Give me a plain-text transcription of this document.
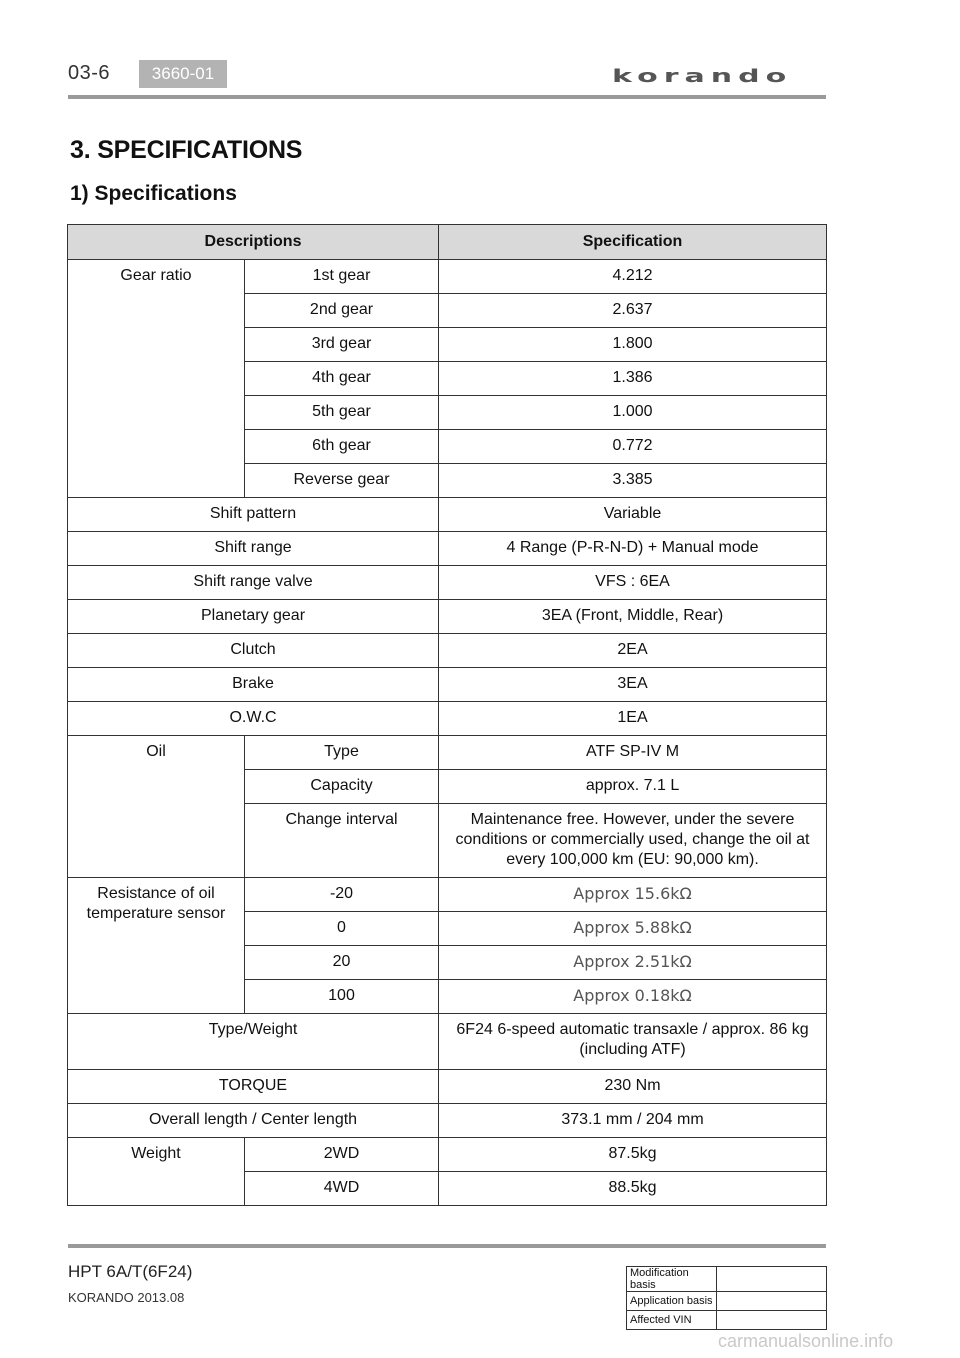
03-6	3660-01	korando
3. SPECIFICATIONS
1) Specifications
Descriptions		Specification
Gear ratio	1st gear	4.212
	2nd gear	2.637
	3rd gear	1.800
	4th gear	1.386
	5th gear	1.000
	6th gear	0.772
	Reverse gear	3.385
Shift pattern		Variable
Shift range		4 Range (P-R-N-D) + Manual mode
Shift range valve		VFS : 6EA
Planetary gear		3EA (Front, Middle, Rear)
Clutch		2EA
Brake		3EA
O.W.C		1EA
Oil	Type	ATF SP-IV M
	Capacity	approx. 7.1 L
	Change interval	Maintenance free. However, under the severe conditions or commercially used, change the oil at every 100,000 km (EU: 90,000 km).
Resistance of oil temperature sensor	-20	Approx 15.6kΩ
	0	Approx 5.88kΩ
	20	Approx 2.51kΩ
	100	Approx 0.18kΩ
Type/Weight		6F24 6-speed automatic transaxle / approx. 86 kg (including ATF)
TORQUE		230 Nm
Overall length / Center length		373.1 mm / 204 mm
Weight	2WD	87.5kg
	4WD	88.5kg
HPT 6A/T(6F24)
KORANDO 2013.08
Modification basis	
Application basis	
Affected VIN	
carmanualsonline.info
